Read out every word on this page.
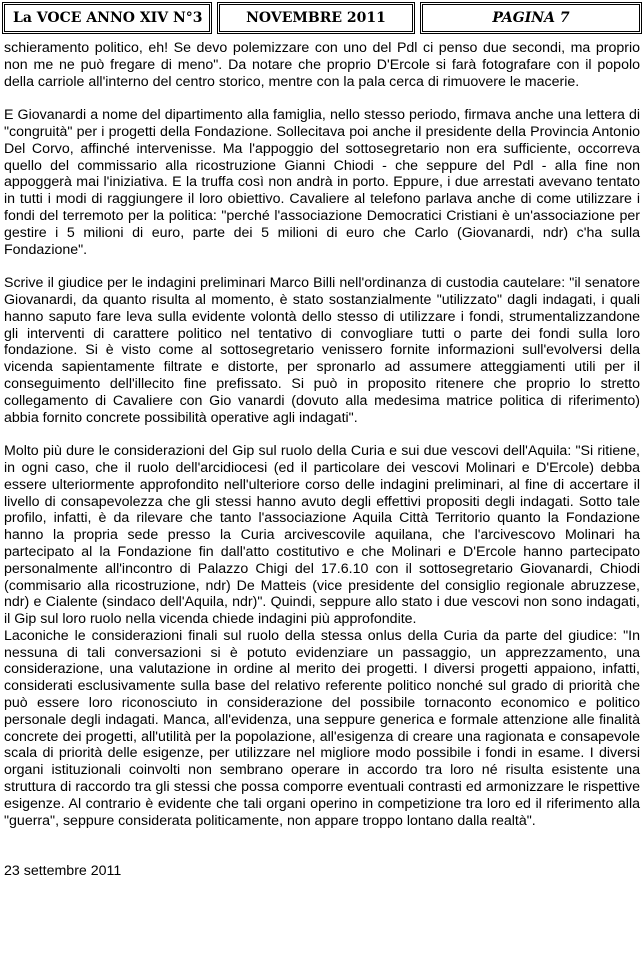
La VOCE ANNO XIV N°3	NOVEMBRE 2011	PAGINA 7

schieramento politico, eh! Se devo polemizzare con uno del Pdl ci penso due secondi, ma proprio non me ne può fregare di meno". Da notare che proprio D'Ercole si farà fotografare con il popolo della carriole all'interno del centro storico, mentre con la pala cerca di rimuovere le macerie.

E Giovanardi a nome del dipartimento alla famiglia, nello stesso periodo, firmava anche una lettera di "congruità" per i progetti della Fondazione. Sollecitava poi anche il presidente della Provincia Antonio Del Corvo, affinché intervenisse. Ma l'appoggio del sottosegretario non era sufficiente, occorreva quello del commissario alla ricostruzione Gianni Chiodi - che seppure del Pdl - alla fine non appoggerà mai l'iniziativa. E la truffa così non andrà in porto. Eppure, i due arrestati avevano tentato in tutti i modi di raggiungere il loro obiettivo. Cavaliere al telefono parlava anche di come utilizzare i fondi del terremoto per la politica: "perché l'associazione Democratici Cristiani è un'associazione per gestire i 5 milioni di euro, parte dei 5 milioni di euro che Carlo (Giovanardi, ndr) c'ha sulla Fondazione".

Scrive il giudice per le indagini preliminari Marco Billi nell'ordinanza di custodia cautelare: "il senatore Giovanardi, da quanto risulta al momento, è stato sostanzialmente "utilizzato" dagli indagati, i quali hanno saputo fare leva sulla evidente volontà dello stesso di utilizzare i fondi, strumentalizzandone gli interventi di carattere politico nel tentativo di convogliare tutti o parte dei fondi sulla loro fondazione. Si è visto come al sottosegretario venissero fornite informazioni sull'evolversi della vicenda sapientamente filtrate e distorte, per spronarlo ad assumere atteggiamenti utili per il conseguimento dell'illecito fine prefissato. Si può in proposito ritenere che proprio lo stretto collegamento di Cavaliere con Gio vanardi (dovuto alla medesima matrice politica di riferimento) abbia fornito concrete possibilità operative agli indagati".

Molto più dure le considerazioni del Gip sul ruolo della Curia e sui due vescovi dell'Aquila: "Si ritiene, in ogni caso, che il ruolo dell'arcidiocesi (ed il particolare dei vescovi Molinari e D'Ercole) debba essere ulteriormente approfondito nell'ulteriore corso delle indagini preliminari, al fine di accertare il livello di consapevolezza che gli stessi hanno avuto degli effettivi propositi degli indagati. Sotto tale profilo, infatti, è da rilevare che tanto l'associazione Aquila Città Territorio quanto la Fondazione hanno la propria sede presso la Curia arcivescovile aquilana, che l'arcivescovo Molinari ha partecipato al la Fondazione fin dall'atto costitutivo e che Molinari e D'Ercole hanno partecipato personalmente all'incontro di Palazzo Chigi del 17.6.10 con il sottosegretario Giovanardi, Chiodi (commisario alla ricostruzione, ndr) De Matteis (vice presidente del consiglio regionale abruzzese, ndr) e Cialente (sindaco dell'Aquila, ndr)". Quindi, seppure allo stato i due vescovi non sono indagati, il Gip sul loro ruolo nella vicenda chiede indagini più approfondite.

Laconiche le considerazioni finali sul ruolo della stessa onlus della Curia da parte del giudice: "In nessuna di tali conversazioni si è potuto evidenziare un passaggio, un apprezzamento, una considerazione, una valutazione in ordine al merito dei progetti. I diversi progetti appaiono, infatti, considerati esclusivamente sulla base del relativo referente politico nonché sul grado di priorità che può essere loro riconosciuto in considerazione del possibile tornaconto economico e politico personale degli indagati. Manca, all'evidenza, una seppure generica e formale attenzione alle finalità concrete dei progetti, all'utilità per la popolazione, all'esigenza di creare una ragionata e consapevole scala di priorità delle esigenze, per utilizzare nel migliore modo possibile i fondi in esame. I diversi organi istituzionali coinvolti non sembrano operare in accordo tra loro né risulta esistente una struttura di raccordo tra gli stessi che possa comporre eventuali contrasti ed armonizzare le rispettive esigenze. Al contrario è evidente che tali organi operino in competizione tra loro ed il riferimento alla "guerra", seppure considerata politicamente, non appare troppo lontano dalla realtà".

23 settembre 2011
